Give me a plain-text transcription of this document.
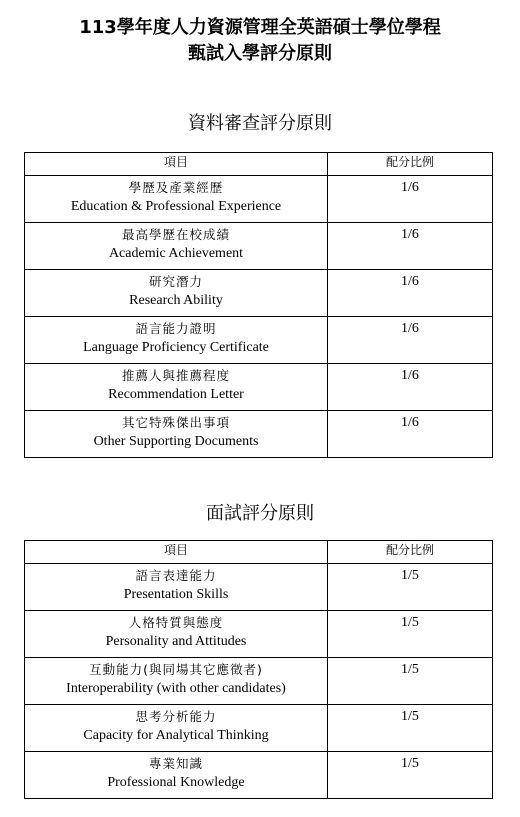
113學年度人力資源管理全英語碩士學位學程
甄試入學評分原則
資料審查評分原則
項目	配分比例

學歷及產業經歷
Education & Professional Experience	1/6

最高學歷在校成績
Academic Achievement	1/6

研究潛力
Research Ability	1/6

語言能力證明
Language Proficiency Certificate	1/6

推薦人與推薦程度
Recommendation Letter	1/6

其它特殊傑出事項
Other Supporting Documents	1/6
面試評分原則
項目	配分比例

語言表達能力
Presentation Skills	1/5

人格特質與態度
Personality and Attitudes	1/5

互動能力(與同場其它應徵者)
Interoperability (with other candidates)	1/5

思考分析能力
Capacity for Analytical Thinking	1/5

專業知識
Professional Knowledge	1/5
